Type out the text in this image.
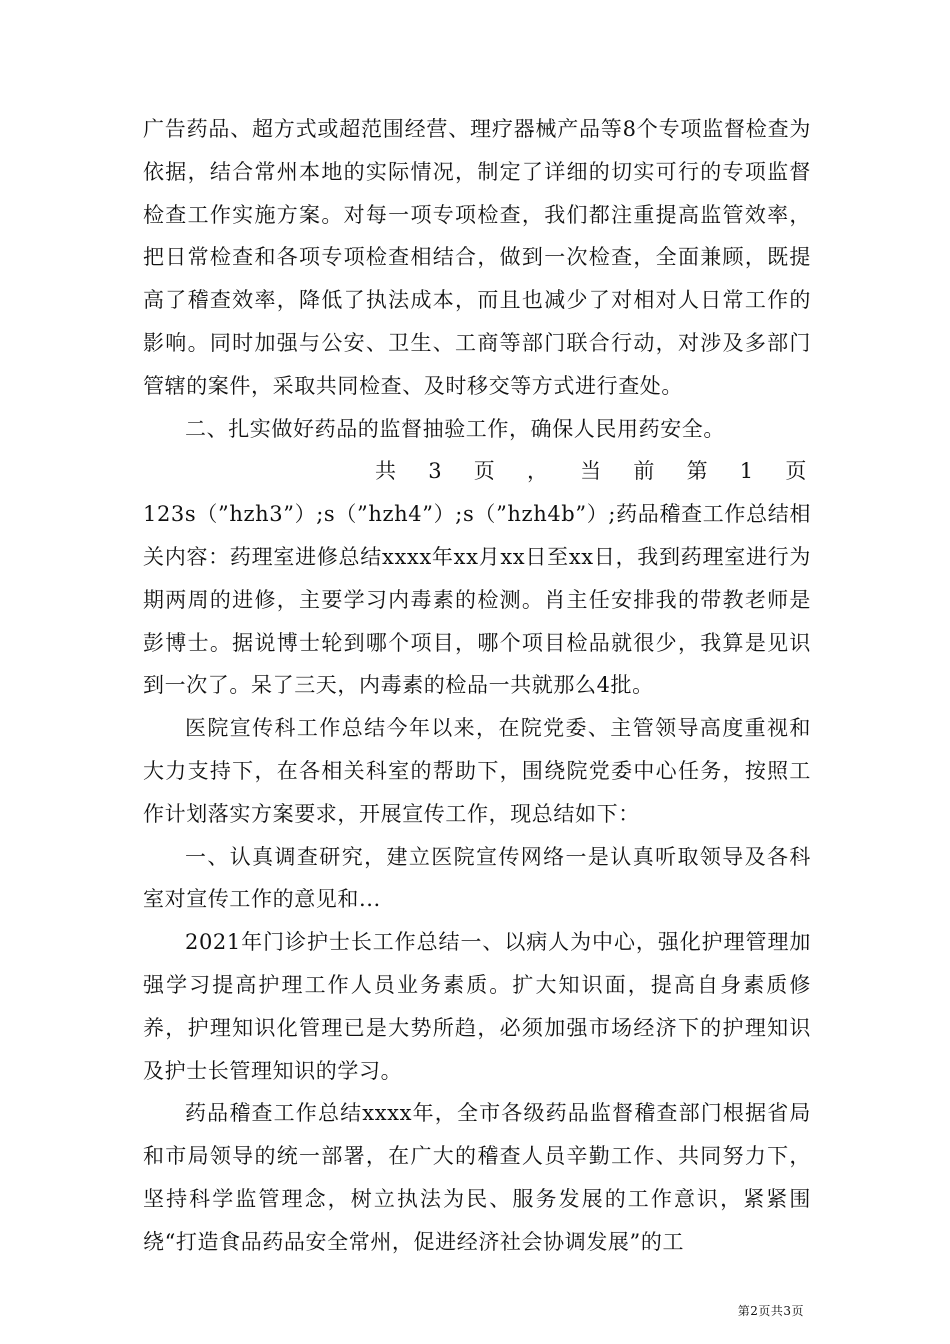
广告药品、超方式或超范围经营、理疗器械产品等8个专项监督检查为依据，结合常州本地的实际情况，制定了详细的切实可行的专项监督检查工作实施方案。对每一项专项检查，我们都注重提高监管效率，把日常检查和各项专项检查相结合，做到一次检查，全面兼顾，既提高了稽查效率，降低了执法成本，而且也减少了对相对人日常工作的影响。同时加强与公安、卫生、工商等部门联合行动，对涉及多部门管辖的案件，采取共同检查、及时移交等方式进行查处。

二、扎实做好药品的监督抽验工作，确保人民用药安全。

共 3 页 ， 当 前 第 1 页

123s（”hzh3”）;s（”hzh4”）;s（”hzh4b”）;药品稽查工作总结相关内容：药理室进修总结xxxx年xx月xx日至xx日，我到药理室进行为期两周的进修，主要学习内毒素的检测。肖主任安排我的带教老师是彭博士。据说博士轮到哪个项目，哪个项目检品就很少，我算是见识到一次了。呆了三天，内毒素的检品一共就那么4批。

医院宣传科工作总结今年以来，在院党委、主管领导高度重视和大力支持下，在各相关科室的帮助下，围绕院党委中心任务，按照工作计划落实方案要求，开展宣传工作，现总结如下：

一、认真调查研究，建立医院宣传网络一是认真听取领导及各科室对宣传工作的意见和...

2021年门诊护士长工作总结一、以病人为中心，强化护理管理加强学习提高护理工作人员业务素质。扩大知识面，提高自身素质修养，护理知识化管理已是大势所趋，必须加强市场经济下的护理知识及护士长管理知识的学习。

药品稽查工作总结xxxx年，全市各级药品监督稽查部门根据省局和市局领导的统一部署，在广大的稽查人员辛勤工作、共同努力下，坚持科学监管理念，树立执法为民、服务发展的工作意识，紧紧围绕“打造食品药品安全常州，促进经济社会协调发展”的工

第2页共3页
